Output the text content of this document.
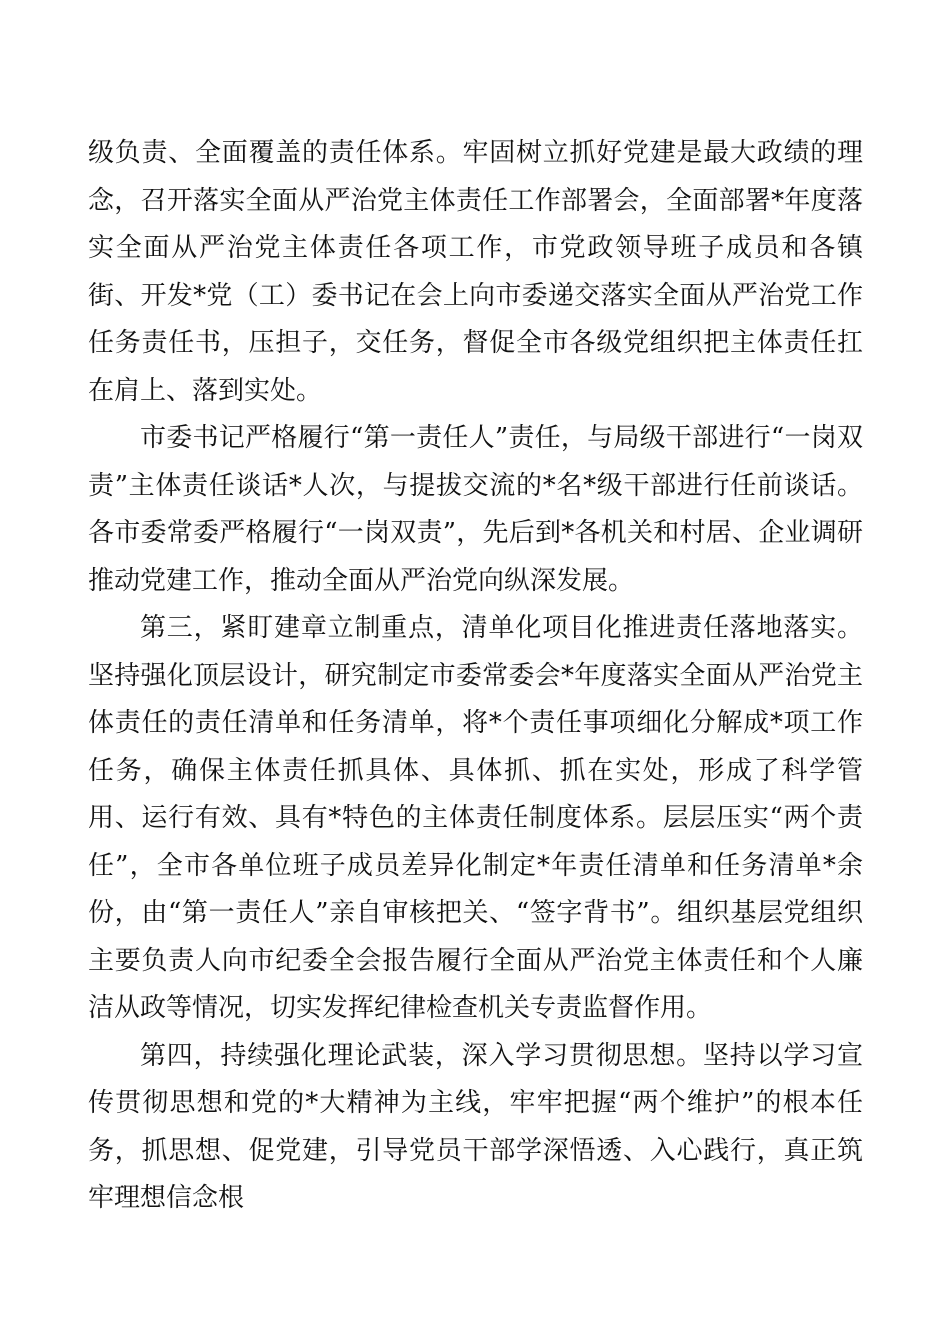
级负责、全面覆盖的责任体系。牢固树立抓好党建是最大政绩的理念，召开落实全面从严治党主体责任工作部署会，全面部署*年度落实全面从严治党主体责任各项工作，市党政领导班子成员和各镇街、开发*党（工）委书记在会上向市委递交落实全面从严治党工作任务责任书，压担子，交任务，督促全市各级党组织把主体责任扛在肩上、落到实处。

市委书记严格履行“第一责任人”责任，与局级干部进行“一岗双责”主体责任谈话*人次，与提拔交流的*名*级干部进行任前谈话。各市委常委严格履行“一岗双责”，先后到*各机关和村居、企业调研推动党建工作，推动全面从严治党向纵深发展。

第三，紧盯建章立制重点，清单化项目化推进责任落地落实。坚持强化顶层设计，研究制定市委常委会*年度落实全面从严治党主体责任的责任清单和任务清单，将*个责任事项细化分解成*项工作任务，确保主体责任抓具体、具体抓、抓在实处，形成了科学管用、运行有效、具有*特色的主体责任制度体系。层层压实“两个责任”，全市各单位班子成员差异化制定*年责任清单和任务清单*余份，由“第一责任人”亲自审核把关、“签字背书”。组织基层党组织主要负责人向市纪委全会报告履行全面从严治党主体责任和个人廉洁从政等情况，切实发挥纪律检查机关专责监督作用。

第四，持续强化理论武装，深入学习贯彻思想。坚持以学习宣传贯彻思想和党的*大精神为主线，牢牢把握“两个维护”的根本任务，抓思想、促党建，引导党员干部学深悟透、入心践行，真正筑牢理想信念根
